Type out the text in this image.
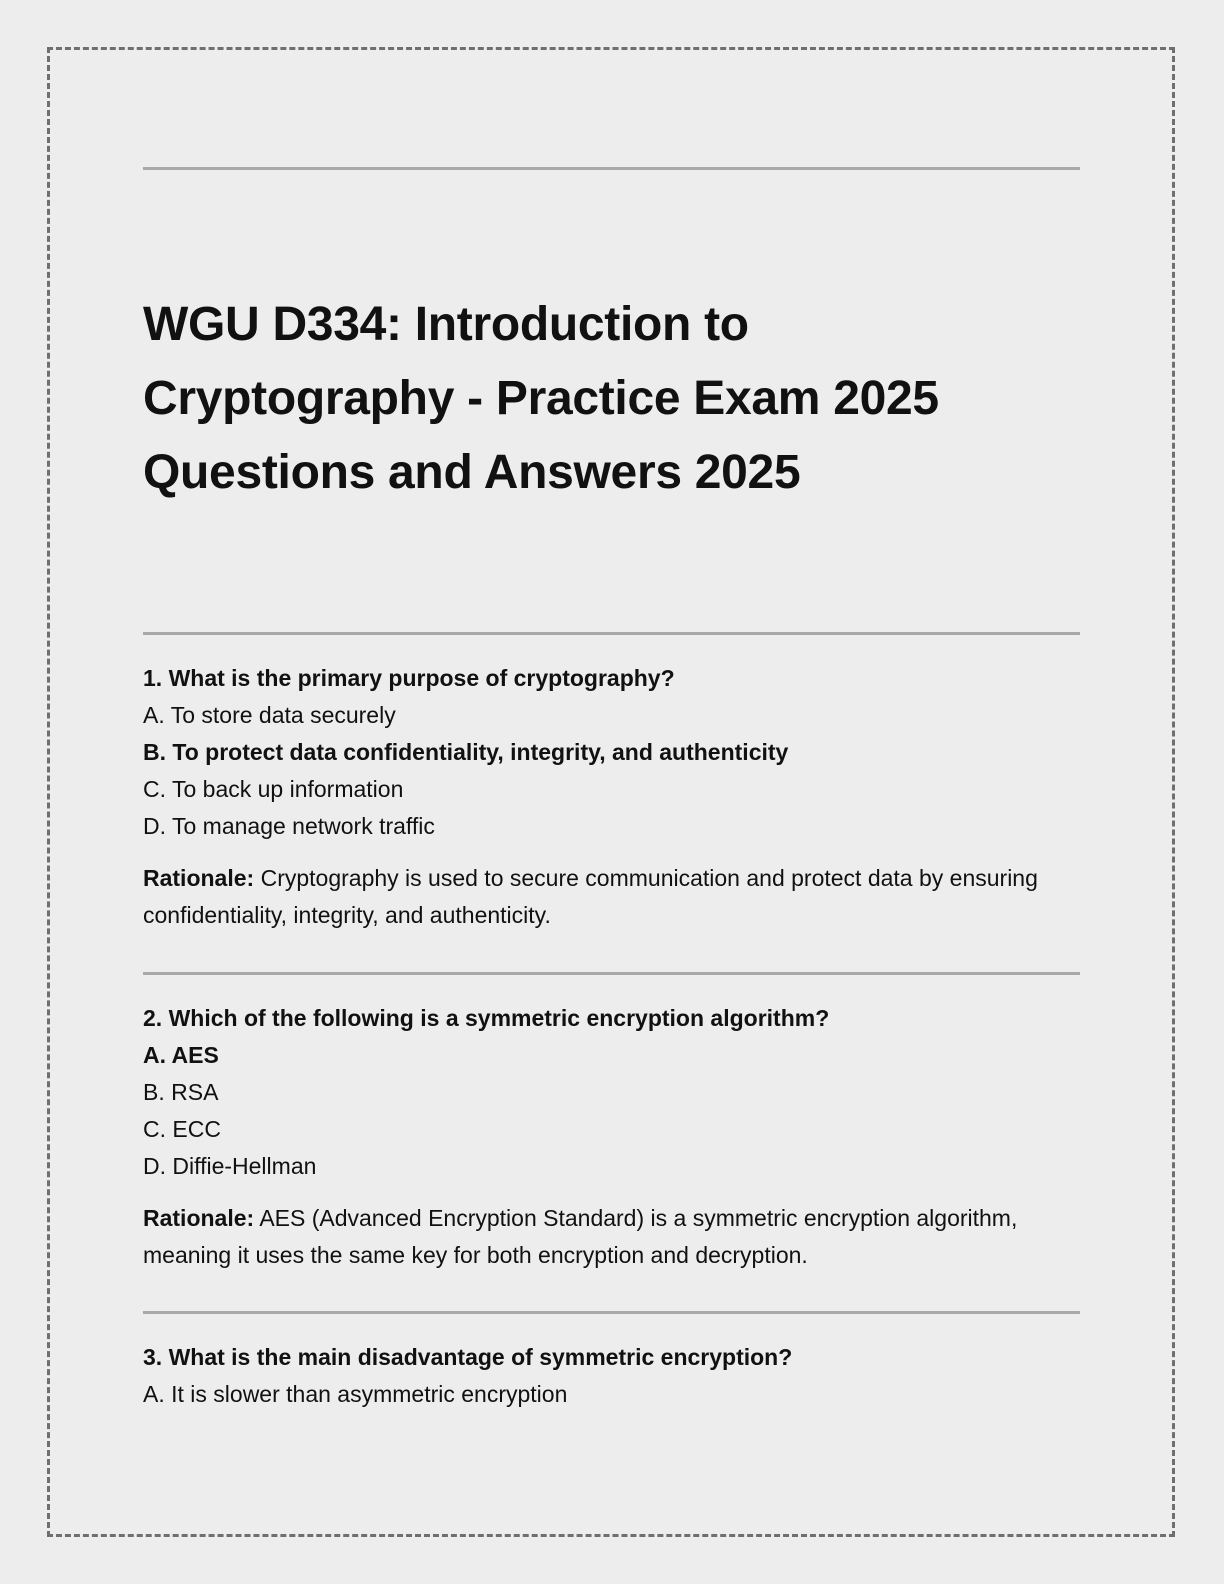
WGU D334: Introduction to
Cryptography - Practice Exam 2025
Questions and Answers 2025
1. What is the primary purpose of cryptography?
A. To store data securely
B. To protect data confidentiality, integrity, and authenticity
C. To back up information
D. To manage network traffic
Rationale: Cryptography is used to secure communication and protect data by ensuring confidentiality, integrity, and authenticity.
2. Which of the following is a symmetric encryption algorithm?
A. AES
B. RSA
C. ECC
D. Diffie-Hellman
Rationale: AES (Advanced Encryption Standard) is a symmetric encryption algorithm, meaning it uses the same key for both encryption and decryption.
3. What is the main disadvantage of symmetric encryption?
A. It is slower than asymmetric encryption
